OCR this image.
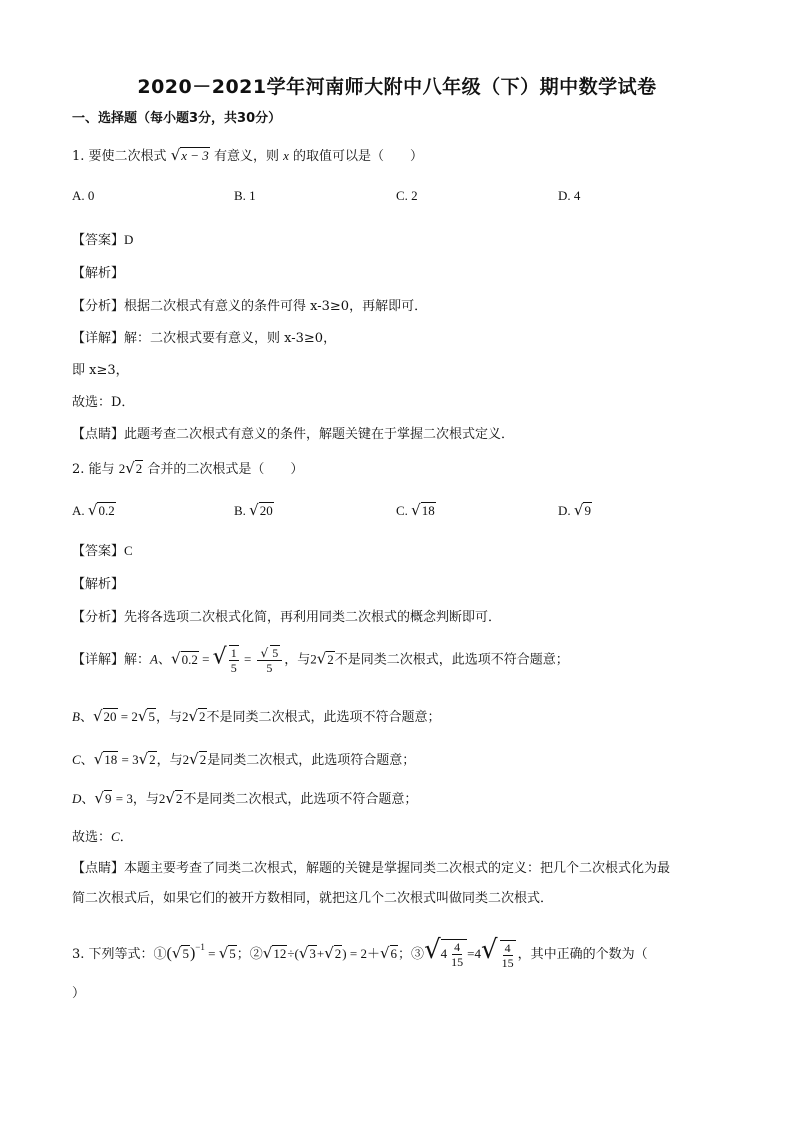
2020－2021学年河南师大附中八年级（下）期中数学试卷
一、选择题（每小题3分，共30分）
1. 要使二次根式 √x − 3 有意义，则 x 的取值可以是（　　）
A. 0	B. 1	C. 2	D. 4
【答案】D
【解析】
【分析】根据二次根式有意义的条件可得 x-3≥0，再解即可．
【详解】解：二次根式要有意义，则 x-3≥0，
即 x≥3，
故选：D．
【点睛】此题考查二次根式有意义的条件，解题关键在于掌握二次根式定义．
2. 能与 2√2 合并的二次根式是（　　）
A. √0.2	B. √20	C. √18	D. √9
【答案】C
【解析】
【分析】先将各选项二次根式化简，再利用同类二次根式的概念判断即可．
【详解】解：A、√0.2 = √ $\frac{1}{5} = \frac{√ 5}{5}$ ，与2√2不是同类二次根式，此选项不符合题意；
B、√20 = 2√5，与2√2不是同类二次根式，此选项不符合题意；
C、√18 = 3√2，与2√2是同类二次根式，此选项符合题意；
D、√9 = 3，与2√2不是同类二次根式，此选项不符合题意；
故选：C．
【点睛】本题主要考查了同类二次根式，解题的关键是掌握同类二次根式的定义：把几个二次根式化为最
简二次根式后，如果它们的被开方数相同，就把这几个二次根式叫做同类二次根式．
3. 下列等式：$①(√5)^{-1} = √5$；②√12÷(√3+√2) = 2＋√6；③√ $4 \frac{4}{15} =4√ \frac{4}{15}$ ，其中正确的个数为（
）
